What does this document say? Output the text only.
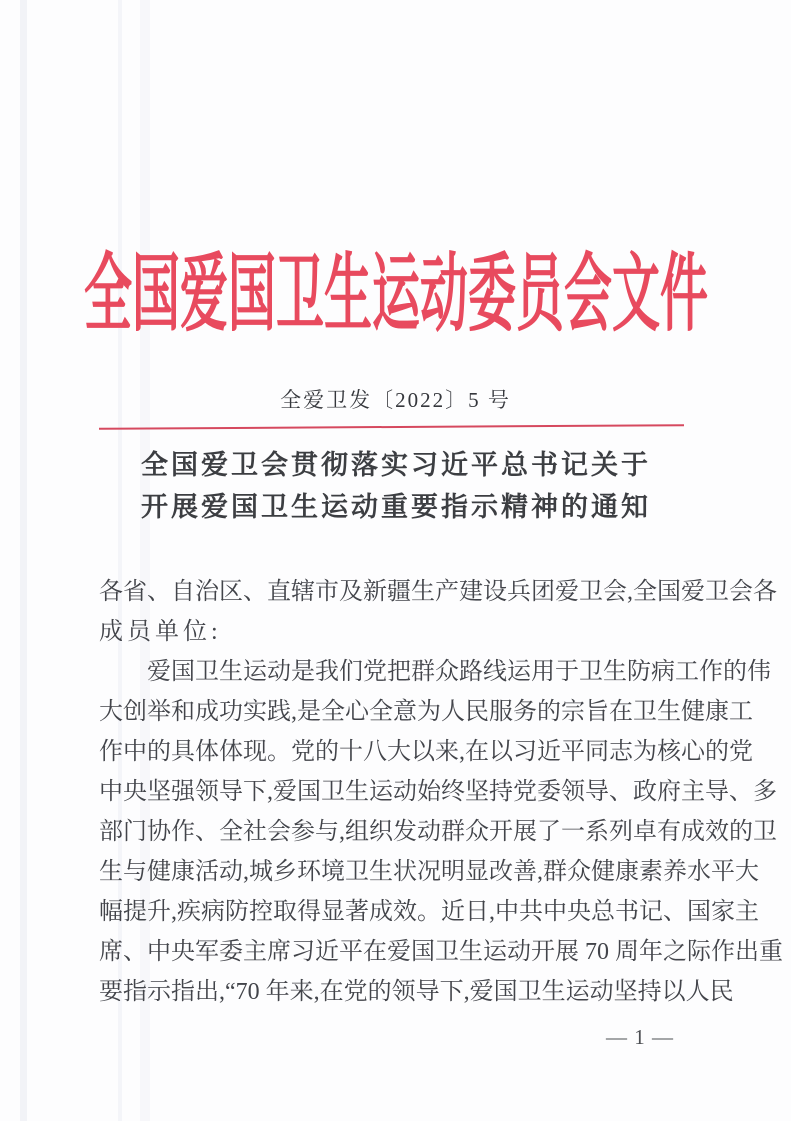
全国爱国卫生运动委员会文件
全爱卫发〔2022〕5 号
全国爱卫会贯彻落实习近平总书记关于
开展爱国卫生运动重要指示精神的通知
各省、自治区、直辖市及新疆生产建设兵团爱卫会,全国爱卫会各
成员单位:
　　爱国卫生运动是我们党把群众路线运用于卫生防病工作的伟
大创举和成功实践,是全心全意为人民服务的宗旨在卫生健康工
作中的具体体现。党的十八大以来,在以习近平同志为核心的党
中央坚强领导下,爱国卫生运动始终坚持党委领导、政府主导、多
部门协作、全社会参与,组织发动群众开展了一系列卓有成效的卫
生与健康活动,城乡环境卫生状况明显改善,群众健康素养水平大
幅提升,疾病防控取得显著成效。近日,中共中央总书记、国家主
席、中央军委主席习近平在爱国卫生运动开展 70 周年之际作出重
要指示指出,“70 年来,在党的领导下,爱国卫生运动坚持以人民
— 1 —
